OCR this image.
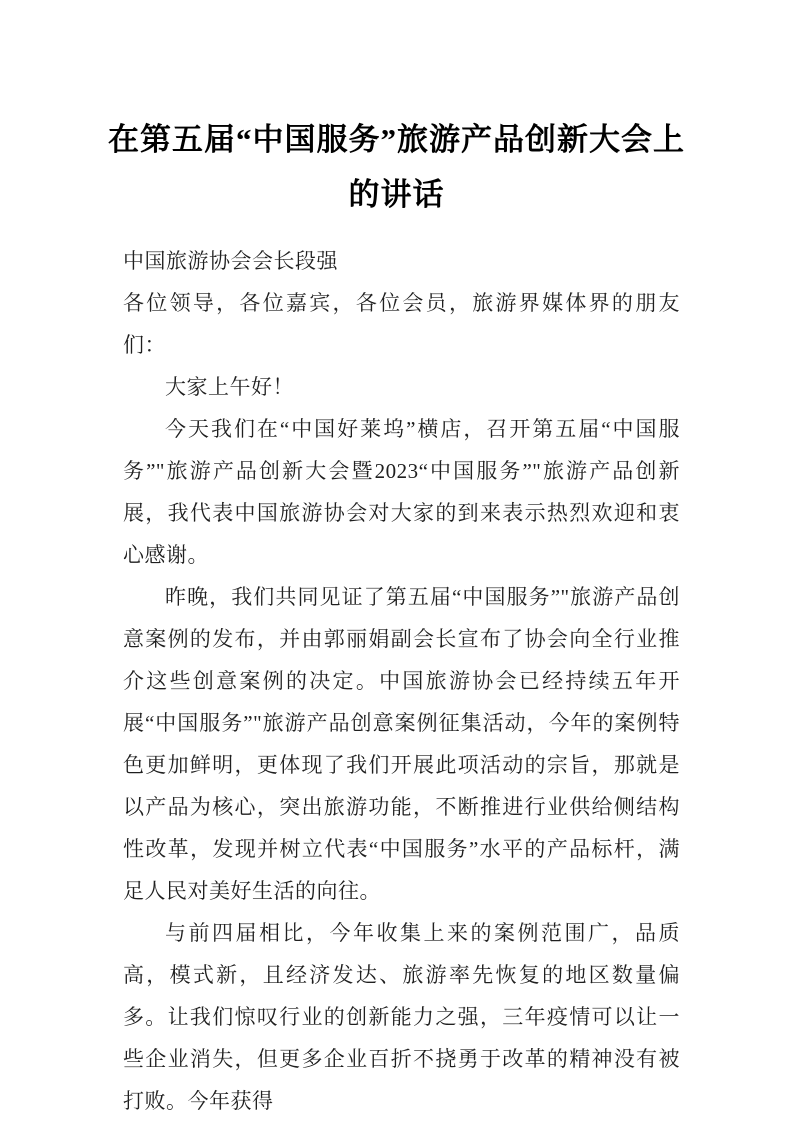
在第五届“中国服务”旅游产品创新大会上
的讲话

中国旅游协会会长段强

各位领导，各位嘉宾，各位会员，旅游界媒体界的朋友们：

大家上午好！

今天我们在“中国好莱坞”横店，召开第五届“中国服务”"旅游产品创新大会暨2023“中国服务”"旅游产品创新展，我代表中国旅游协会对大家的到来表示热烈欢迎和衷心感谢。

昨晚，我们共同见证了第五届“中国服务”"旅游产品创意案例的发布，并由郭丽娟副会长宣布了协会向全行业推介这些创意案例的决定。中国旅游协会已经持续五年开展“中国服务”"旅游产品创意案例征集活动，今年的案例特色更加鲜明，更体现了我们开展此项活动的宗旨，那就是以产品为核心，突出旅游功能，不断推进行业供给侧结构性改革，发现并树立代表“中国服务”水平的产品标杆，满足人民对美好生活的向往。

与前四届相比，今年收集上来的案例范围广，品质高，模式新，且经济发达、旅游率先恢复的地区数量偏多。让我们惊叹行业的创新能力之强，三年疫情可以让一些企业消失，但更多企业百折不挠勇于改革的精神没有被打败。今年获得
